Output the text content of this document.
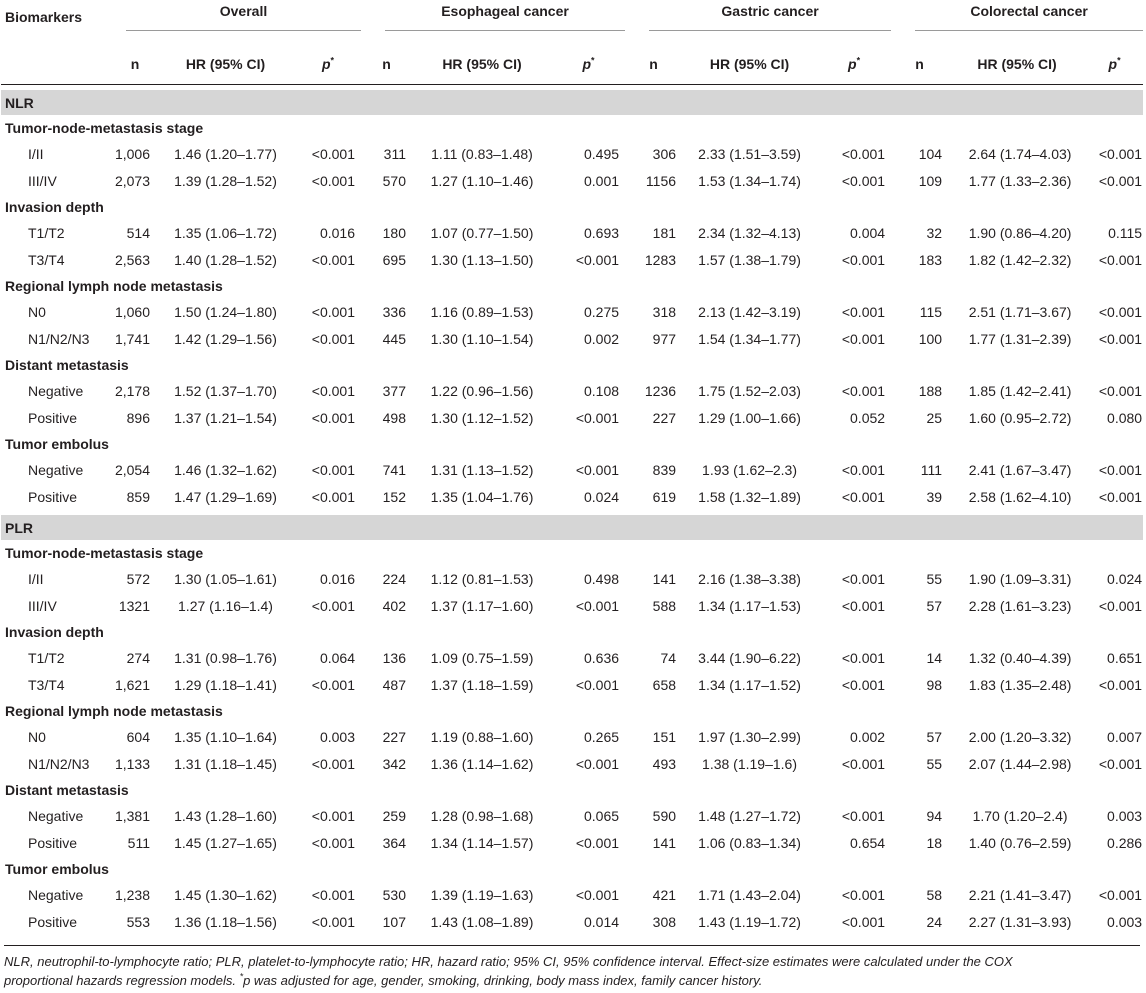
Biomarkers	Overall			Esophageal cancer			Gastric cancer			Colorectal cancer		

	n	HR (95% CI)	p*	n	HR (95% CI)	p*	n	HR (95% CI)	p*	n	HR (95% CI)	p*

NLR												
Tumor-node-metastasis stage												
I/II	1,006	1.46 (1.20–1.77)	<0.001	311	1.11 (0.83–1.48)	0.495	306	2.33 (1.51–3.59)	<0.001	104	2.64 (1.74–4.03)	<0.001
III/IV	2,073	1.39 (1.28–1.52)	<0.001	570	1.27 (1.10–1.46)	0.001	1156	1.53 (1.34–1.74)	<0.001	109	1.77 (1.33–2.36)	<0.001
Invasion depth												
T1/T2	514	1.35 (1.06–1.72)	0.016	180	1.07 (0.77–1.50)	0.693	181	2.34 (1.32–4.13)	0.004	32	1.90 (0.86–4.20)	0.115
T3/T4	2,563	1.40 (1.28–1.52)	<0.001	695	1.30 (1.13–1.50)	<0.001	1283	1.57 (1.38–1.79)	<0.001	183	1.82 (1.42–2.32)	<0.001
Regional lymph node metastasis												
N0	1,060	1.50 (1.24–1.80)	<0.001	336	1.16 (0.89–1.53)	0.275	318	2.13 (1.42–3.19)	<0.001	115	2.51 (1.71–3.67)	<0.001
N1/N2/N3	1,741	1.42 (1.29–1.56)	<0.001	445	1.30 (1.10–1.54)	0.002	977	1.54 (1.34–1.77)	<0.001	100	1.77 (1.31–2.39)	<0.001
Distant metastasis												
Negative	2,178	1.52 (1.37–1.70)	<0.001	377	1.22 (0.96–1.56)	0.108	1236	1.75 (1.52–2.03)	<0.001	188	1.85 (1.42–2.41)	<0.001
Positive	896	1.37 (1.21–1.54)	<0.001	498	1.30 (1.12–1.52)	<0.001	227	1.29 (1.00–1.66)	0.052	25	1.60 (0.95–2.72)	0.080
Tumor embolus												
Negative	2,054	1.46 (1.32–1.62)	<0.001	741	1.31 (1.13–1.52)	<0.001	839	1.93 (1.62–2.3)	<0.001	111	2.41 (1.67–3.47)	<0.001
Positive	859	1.47 (1.29–1.69)	<0.001	152	1.35 (1.04–1.76)	0.024	619	1.58 (1.32–1.89)	<0.001	39	2.58 (1.62–4.10)	<0.001

PLR												
Tumor-node-metastasis stage												
I/II	572	1.30 (1.05–1.61)	0.016	224	1.12 (0.81–1.53)	0.498	141	2.16 (1.38–3.38)	<0.001	55	1.90 (1.09–3.31)	0.024
III/IV	1321	1.27 (1.16–1.4)	<0.001	402	1.37 (1.17–1.60)	<0.001	588	1.34 (1.17–1.53)	<0.001	57	2.28 (1.61–3.23)	<0.001
Invasion depth												
T1/T2	274	1.31 (0.98–1.76)	0.064	136	1.09 (0.75–1.59)	0.636	74	3.44 (1.90–6.22)	<0.001	14	1.32 (0.40–4.39)	0.651
T3/T4	1,621	1.29 (1.18–1.41)	<0.001	487	1.37 (1.18–1.59)	<0.001	658	1.34 (1.17–1.52)	<0.001	98	1.83 (1.35–2.48)	<0.001
Regional lymph node metastasis												
N0	604	1.35 (1.10–1.64)	0.003	227	1.19 (0.88–1.60)	0.265	151	1.97 (1.30–2.99)	0.002	57	2.00 (1.20–3.32)	0.007
N1/N2/N3	1,133	1.31 (1.18–1.45)	<0.001	342	1.36 (1.14–1.62)	<0.001	493	1.38 (1.19–1.6)	<0.001	55	2.07 (1.44–2.98)	<0.001
Distant metastasis												
Negative	1,381	1.43 (1.28–1.60)	<0.001	259	1.28 (0.98–1.68)	0.065	590	1.48 (1.27–1.72)	<0.001	94	1.70 (1.20–2.4)	0.003
Positive	511	1.45 (1.27–1.65)	<0.001	364	1.34 (1.14–1.57)	<0.001	141	1.06 (0.83–1.34)	0.654	18	1.40 (0.76–2.59)	0.286
Tumor embolus												
Negative	1,238	1.45 (1.30–1.62)	<0.001	530	1.39 (1.19–1.63)	<0.001	421	1.71 (1.43–2.04)	<0.001	58	2.21 (1.41–3.47)	<0.001
Positive	553	1.36 (1.18–1.56)	<0.001	107	1.43 (1.08–1.89)	0.014	308	1.43 (1.19–1.72)	<0.001	24	2.27 (1.31–3.93)	0.003
NLR, neutrophil-to-lymphocyte ratio; PLR, platelet-to-lymphocyte ratio; HR, hazard ratio; 95% CI, 95% confidence interval. Effect-size estimates were calculated under the COX
proportional hazards regression models. *p was adjusted for age, gender, smoking, drinking, body mass index, family cancer history.
